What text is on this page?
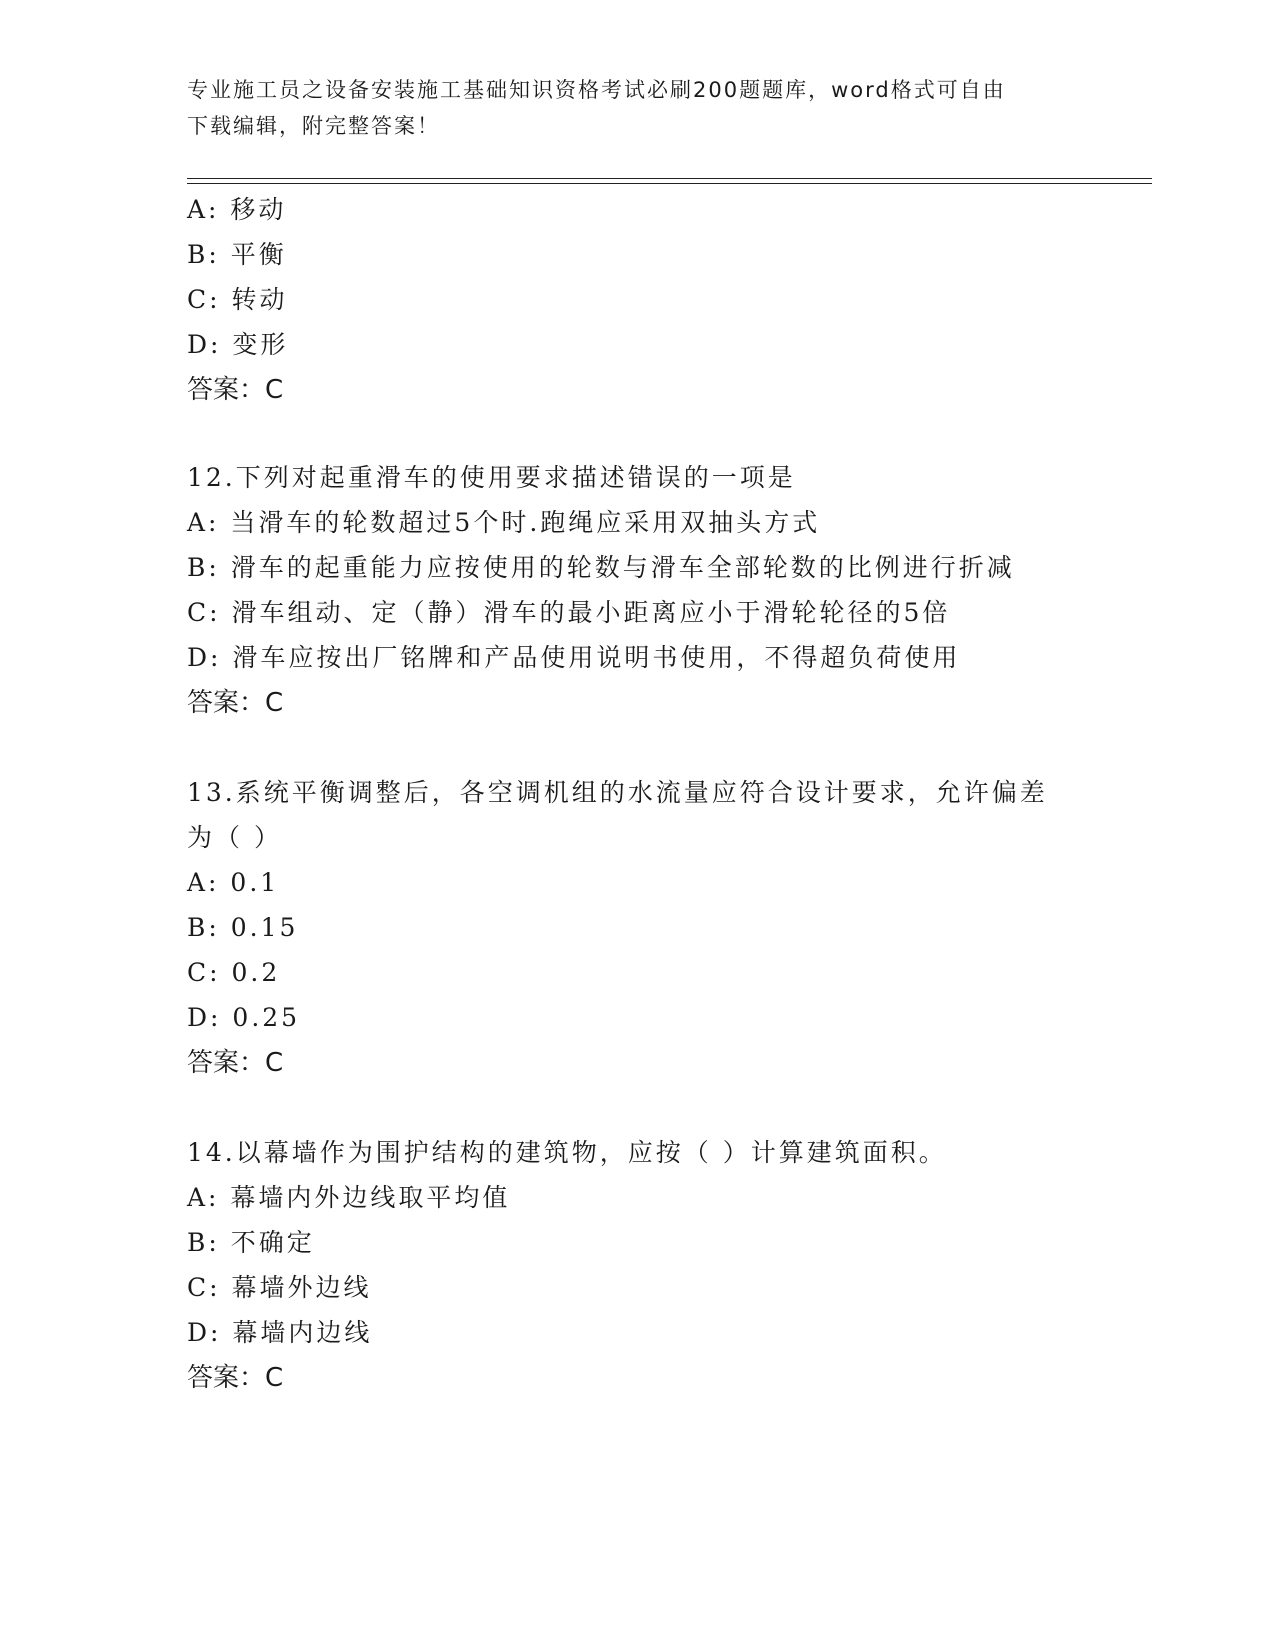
专业施工员之设备安装施工基础知识资格考试必刷200题题库，word格式可自由
下载编辑，附完整答案！
A: 移动
B: 平衡
C: 转动
D: 变形
答案：C
12.下列对起重滑车的使用要求描述错误的一项是
A: 当滑车的轮数超过5个时.跑绳应采用双抽头方式
B: 滑车的起重能力应按使用的轮数与滑车全部轮数的比例进行折减
C: 滑车组动、定（静）滑车的最小距离应小于滑轮轮径的5倍
D: 滑车应按出厂铭牌和产品使用说明书使用，不得超负荷使用
答案：C
13.系统平衡调整后，各空调机组的水流量应符合设计要求，允许偏差
为（ ）
A: 0.1
B: 0.15
C: 0.2
D: 0.25
答案：C
14.以幕墙作为围护结构的建筑物，应按（ ）计算建筑面积。
A: 幕墙内外边线取平均值
B: 不确定
C: 幕墙外边线
D: 幕墙内边线
答案：C
